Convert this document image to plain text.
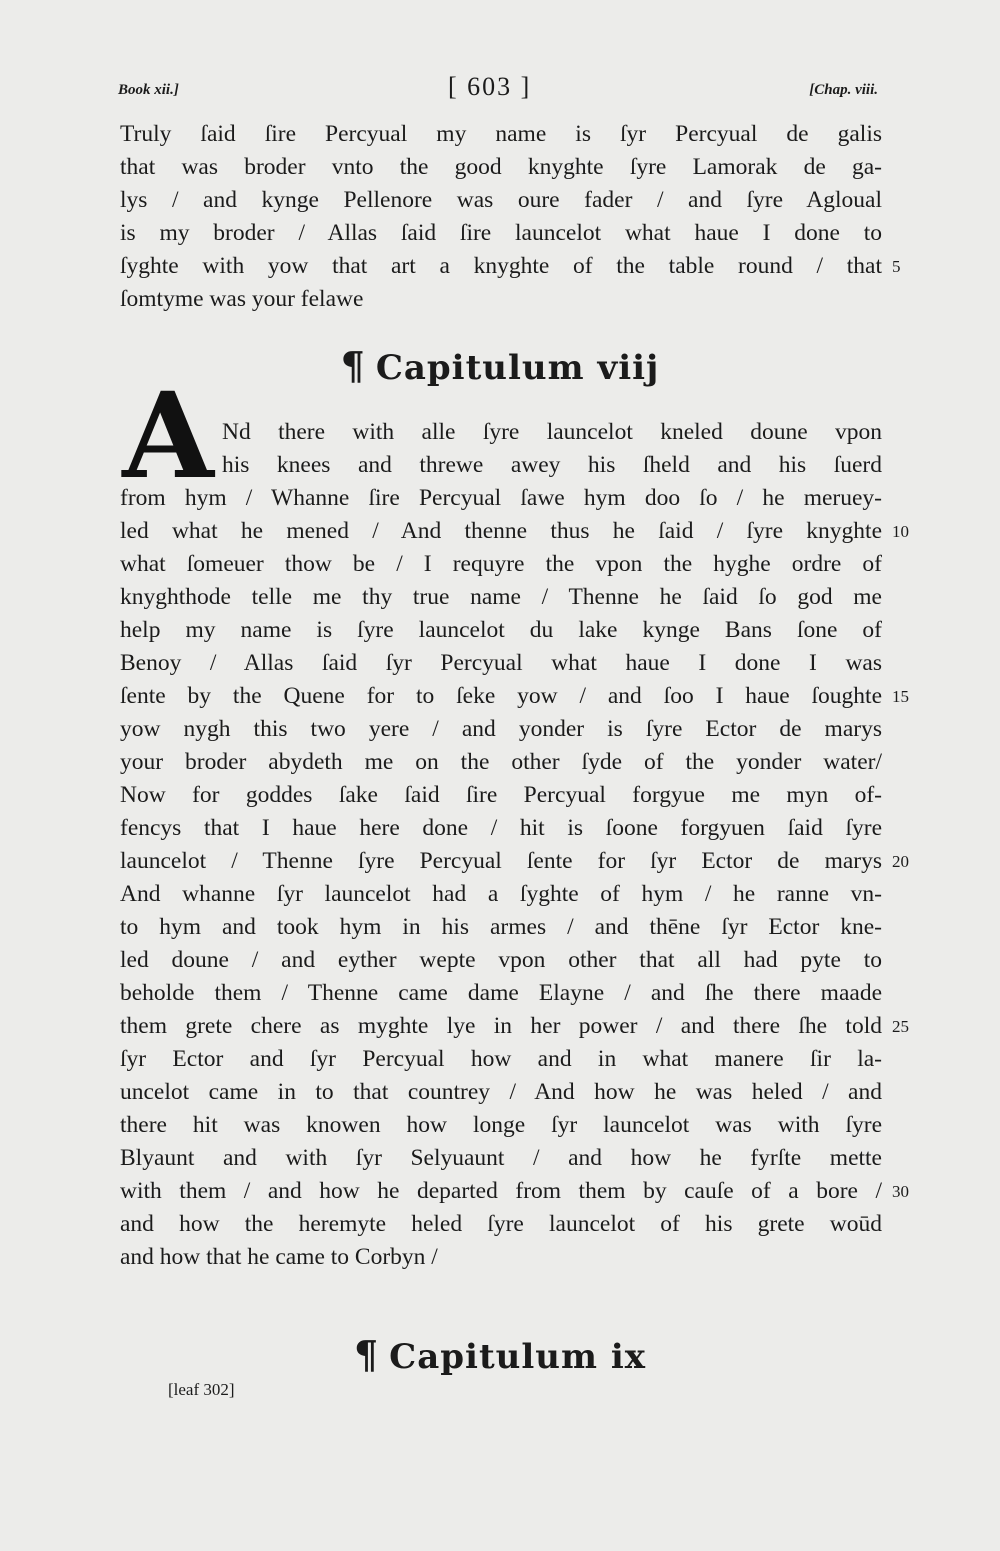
Book xii.]	[ 603 ]	[Chap. viii.
Truly ſaid ſire Percyual my name is ſyr Percyual de galis
that was broder vnto the good knyghte ſyre Lamorak de ga-
lys / and kynge Pellenore was oure fader / and ſyre Agloual
is my broder / Allas ſaid ſire launcelot what haue I done to
ſyghte with yow that art a knyghte of the table round / that
ſomtyme was your felawe
¶ Capitulum viij
A Nd there with alle ſyre launcelot kneled doune vpon
his knees and threwe awey his ſheld and his ſuerd
from hym / Whanne ſire Percyual ſawe hym doo ſo / he meruey-
led what he mened / And thenne thus he ſaid / ſyre knyghte
what ſomeuer thow be / I requyre the vpon the hyghe ordre of
knyghthode telle me thy true name / Thenne he ſaid ſo god me
help my name is ſyre launcelot du lake kynge Bans ſone of
Benoy / Allas ſaid ſyr Percyual what haue I done I was
ſente by the Quene for to ſeke yow / and ſoo I haue ſoughte
yow nygh this two yere / and yonder is ſyre Ector de marys
your broder abydeth me on the other ſyde of the yonder water/
Now for goddes ſake ſaid ſire Percyual forgyue me myn of-
fencys that I haue here done / hit is ſoone forgyuen ſaid ſyre
launcelot / Thenne ſyre Percyual ſente for ſyr Ector de marys
And whanne ſyr launcelot had a ſyghte of hym / he ranne vn-
to hym and took hym in his armes / and thēne ſyr Ector kne-
led doune / and eyther wepte vpon other that all had pyte to
beholde them / Thenne came dame Elayne / and ſhe there maade
them grete chere as myghte lye in her power / and there ſhe told
ſyr Ector and ſyr Percyual how and in what manere ſir la-
uncelot came in to that countrey / And how he was heled / and
there hit was knowen how longe ſyr launcelot was with ſyre
Blyaunt and with ſyr Selyuaunt / and how he fyrſte mette
with them / and how he departed from them by cauſe of a bore /
and how the heremyte heled ſyre launcelot of his grete woūd
and how that he came to Corbyn /
5
10
15
20
25
30
¶ Capitulum ix
[leaf 302]
